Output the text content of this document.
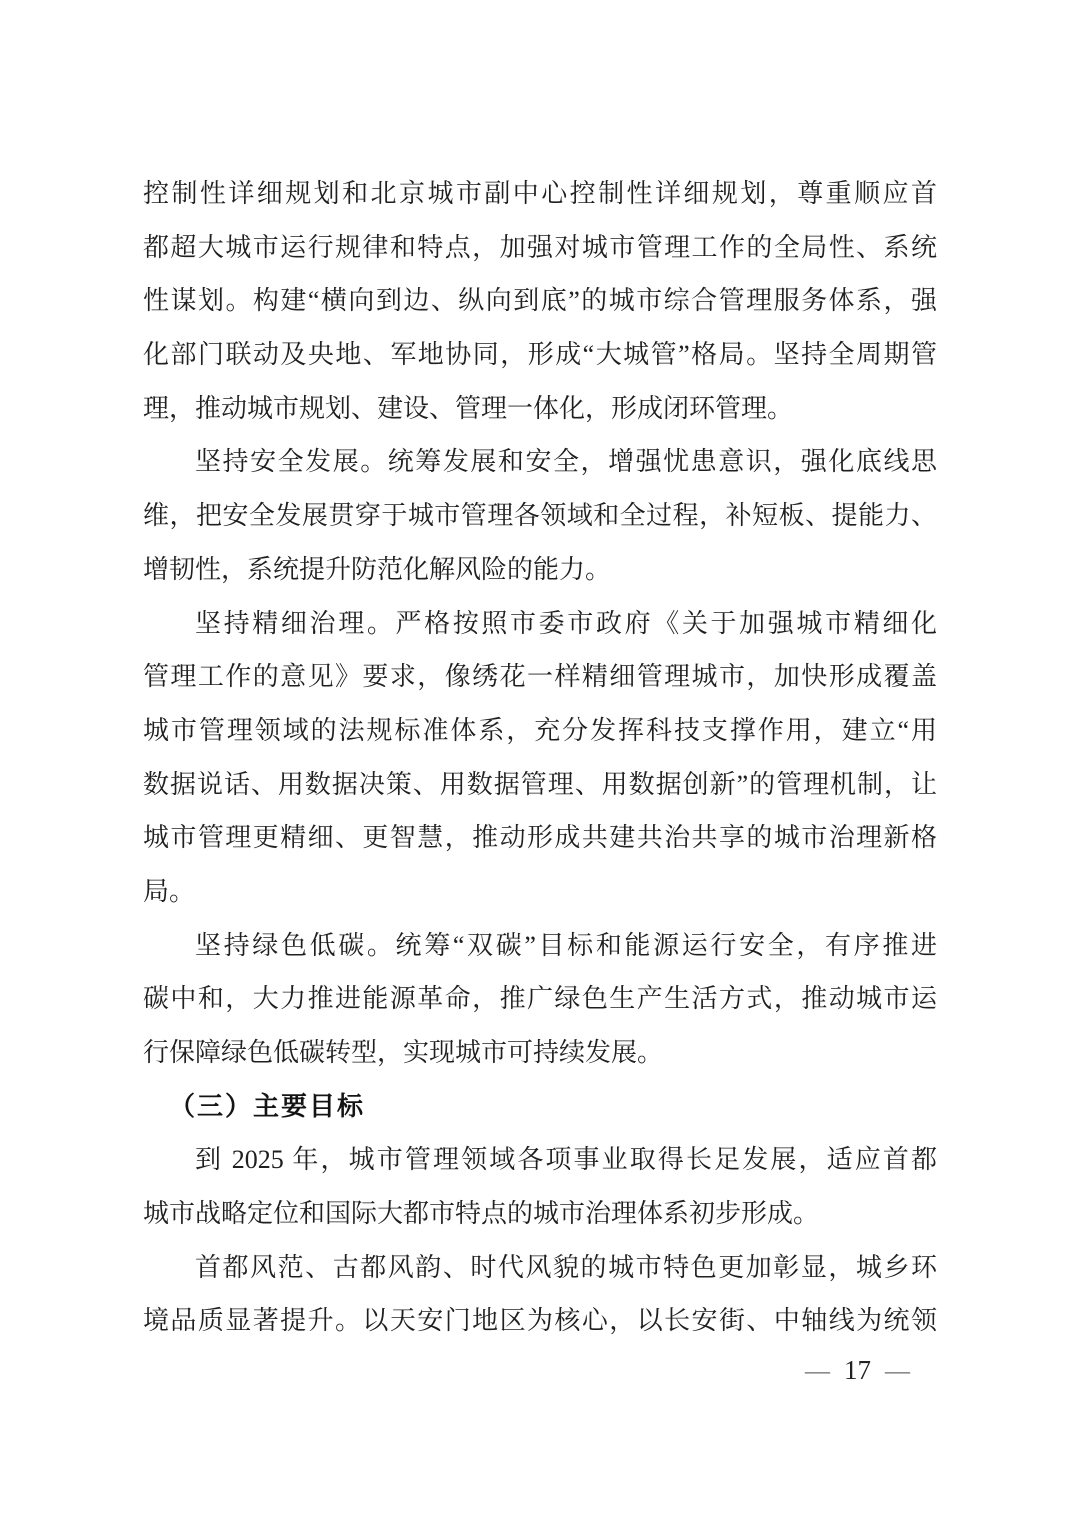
控制性详细规划和北京城市副中心控制性详细规划，尊重顺应首
都超大城市运行规律和特点，加强对城市管理工作的全局性、系统
性谋划。构建“横向到边、纵向到底”的城市综合管理服务体系，强
化部门联动及央地、军地协同，形成“大城管”格局。坚持全周期管
理，推动城市规划、建设、管理一体化，形成闭环管理。
坚持安全发展。统筹发展和安全，增强忧患意识，强化底线思
维，把安全发展贯穿于城市管理各领域和全过程，补短板、提能力、
增韧性，系统提升防范化解风险的能力。
坚持精细治理。严格按照市委市政府《关于加强城市精细化
管理工作的意见》要求，像绣花一样精细管理城市，加快形成覆盖
城市管理领域的法规标准体系，充分发挥科技支撑作用，建立“用
数据说话、用数据决策、用数据管理、用数据创新”的管理机制，让
城市管理更精细、更智慧，推动形成共建共治共享的城市治理新格
局。
坚持绿色低碳。统筹“双碳”目标和能源运行安全，有序推进
碳中和，大力推进能源革命，推广绿色生产生活方式，推动城市运
行保障绿色低碳转型，实现城市可持续发展。
（三）主要目标
到 2025 年，城市管理领域各项事业取得长足发展，适应首都
城市战略定位和国际大都市特点的城市治理体系初步形成。
首都风范、古都风韵、时代风貌的城市特色更加彰显，城乡环
境品质显著提升。以天安门地区为核心，以长安街、中轴线为统领
— 17 —
